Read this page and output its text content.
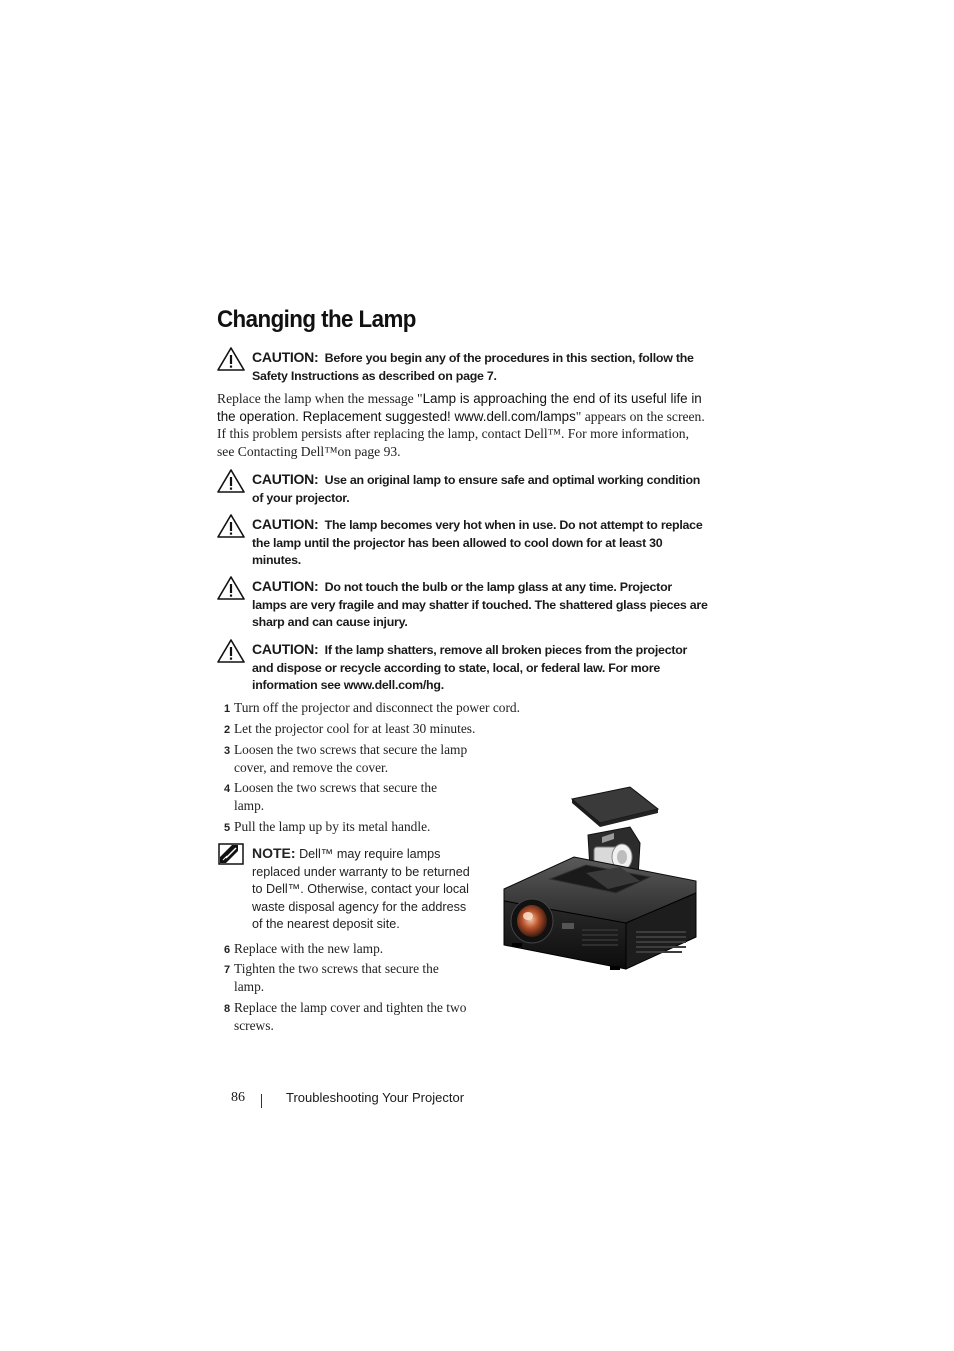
Changing the Lamp
CAUTION: Before you begin any of the procedures in this section, follow the Safety Instructions as described on page 7.

Replace the lamp when the message "Lamp is approaching the end of its useful life in the operation. Replacement suggested! www.dell.com/lamps" appears on the screen. If this problem persists after replacing the lamp, contact Dell™. For more information, see Contacting Dell™on page 93.

CAUTION: Use an original lamp to ensure safe and optimal working condition of your projector.
CAUTION: The lamp becomes very hot when in use. Do not attempt to replace the lamp until the projector has been allowed to cool down for at least 30 minutes.
CAUTION: Do not touch the bulb or the lamp glass at any time. Projector lamps are very fragile and may shatter if touched. The shattered glass pieces are sharp and can cause injury.
CAUTION: If the lamp shatters, remove all broken pieces from the projector and dispose or recycle according to state, local, or federal law. For more information see www.dell.com/hg.
1 Turn off the projector and disconnect the power cord.
2 Let the projector cool for at least 30 minutes.
3 Loosen the two screws that secure the lamp cover, and remove the cover.
4 Loosen the two screws that secure the lamp.
5 Pull the lamp up by its metal handle.
NOTE: Dell™ may require lamps replaced under warranty to be returned to Dell™. Otherwise, contact your local waste disposal agency for the address of the nearest deposit site.
6 Replace with the new lamp.
7 Tighten the two screws that secure the lamp.
8 Replace the lamp cover and tighten the two screws.
86	Troubleshooting Your Projector
